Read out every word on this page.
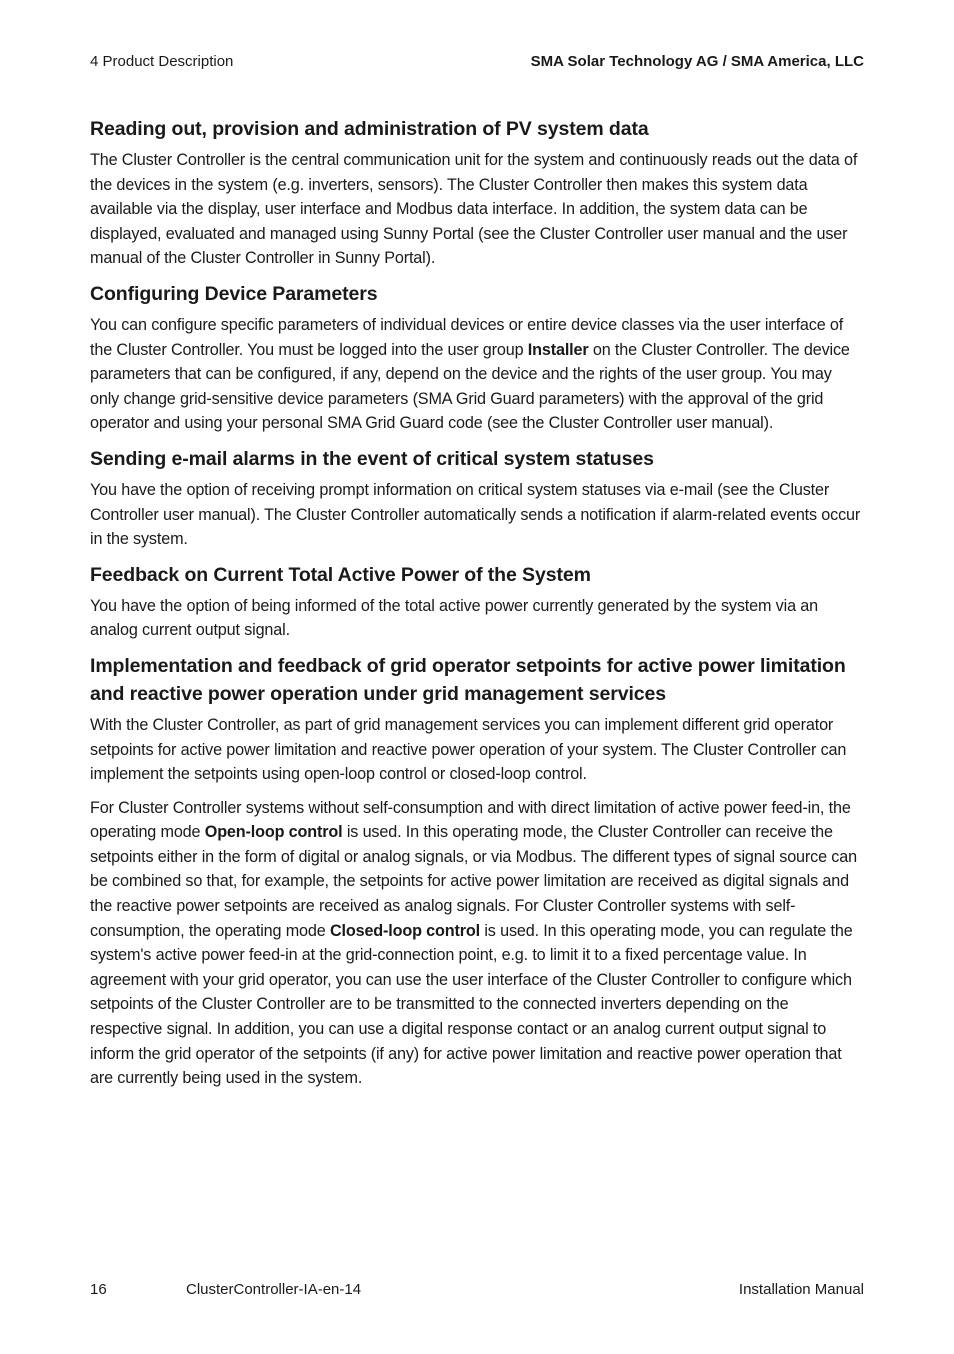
4 Product Description	SMA Solar Technology AG / SMA America, LLC
Reading out, provision and administration of PV system data

The Cluster Controller is the central communication unit for the system and continuously reads out the data of the devices in the system (e.g. inverters, sensors). The Cluster Controller then makes this system data available via the display, user interface and Modbus data interface. In addition, the system data can be displayed, evaluated and managed using Sunny Portal (see the Cluster Controller user manual and the user manual of the Cluster Controller in Sunny Portal).

Configuring Device Parameters

You can configure specific parameters of individual devices or entire device classes via the user interface of the Cluster Controller. You must be logged into the user group Installer on the Cluster Controller. The device parameters that can be configured, if any, depend on the device and the rights of the user group. You may only change grid-sensitive device parameters (SMA Grid Guard parameters) with the approval of the grid operator and using your personal SMA Grid Guard code (see the Cluster Controller user manual).

Sending e-mail alarms in the event of critical system statuses

You have the option of receiving prompt information on critical system statuses via e-mail (see the Cluster Controller user manual). The Cluster Controller automatically sends a notification if alarm-related events occur in the system.

Feedback on Current Total Active Power of the System

You have the option of being informed of the total active power currently generated by the system via an analog current output signal.

Implementation and feedback of grid operator setpoints for active power limitation and reactive power operation under grid management services

With the Cluster Controller, as part of grid management services you can implement different grid operator setpoints for active power limitation and reactive power operation of your system. The Cluster Controller can implement the setpoints using open-loop control or closed-loop control.

For Cluster Controller systems without self-consumption and with direct limitation of active power feed-in, the operating mode Open-loop control is used. In this operating mode, the Cluster Controller can receive the setpoints either in the form of digital or analog signals, or via Modbus. The different types of signal source can be combined so that, for example, the setpoints for active power limitation are received as digital signals and the reactive power setpoints are received as analog signals. For Cluster Controller systems with self-consumption, the operating mode Closed-loop control is used. In this operating mode, you can regulate the system's active power feed-in at the grid-connection point, e.g. to limit it to a fixed percentage value. In agreement with your grid operator, you can use the user interface of the Cluster Controller to configure which setpoints of the Cluster Controller are to be transmitted to the connected inverters depending on the respective signal. In addition, you can use a digital response contact or an analog current output signal to inform the grid operator of the setpoints (if any) for active power limitation and reactive power operation that are currently being used in the system.

16	ClusterController-IA-en-14	Installation Manual
